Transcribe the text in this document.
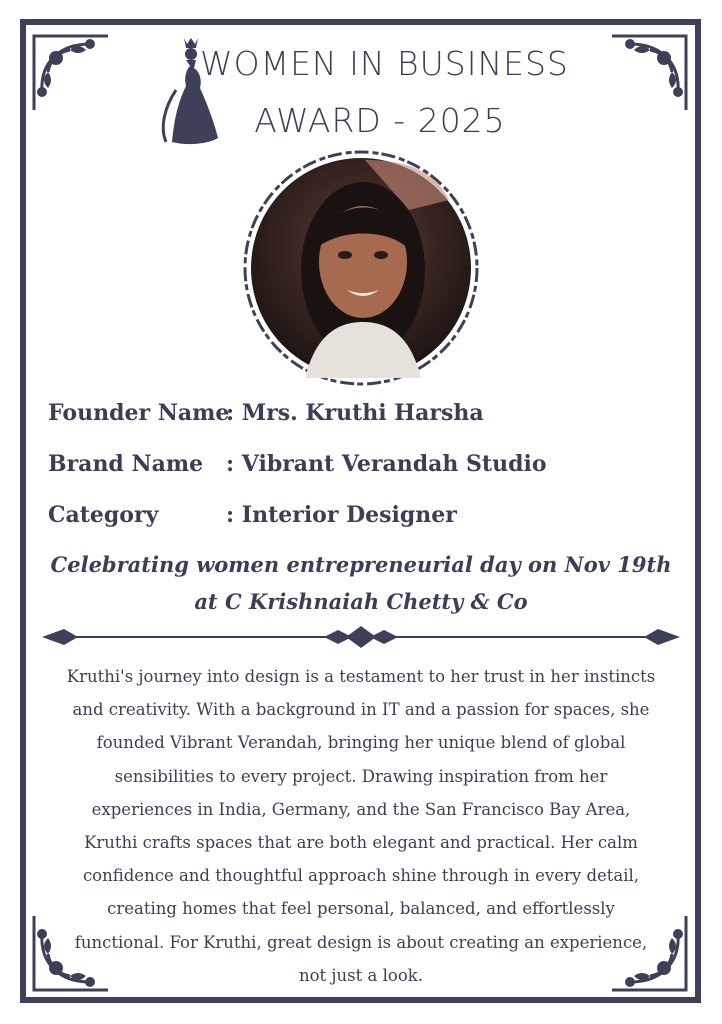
WOMEN IN BUSINESS
AWARD - 2025
Founder Name: Mrs. Kruthi Harsha
Brand Name : Vibrant Verandah Studio
Category	: Interior Designer
Celebrating women entrepreneurial day on Nov 19th
at C Krishnaiah Chetty & Co
Kruthi's journey into design is a testament to her trust in her instincts
and creativity. With a background in IT and a passion for spaces, she
founded Vibrant Verandah, bringing her unique blend of global
sensibilities to every project. Drawing inspiration from her
experiences in India, Germany, and the San Francisco Bay Area,
Kruthi crafts spaces that are both elegant and practical. Her calm
confidence and thoughtful approach shine through in every detail,
creating homes that feel personal, balanced, and effortlessly
functional. For Kruthi, great design is about creating an experience,
not just a look.
